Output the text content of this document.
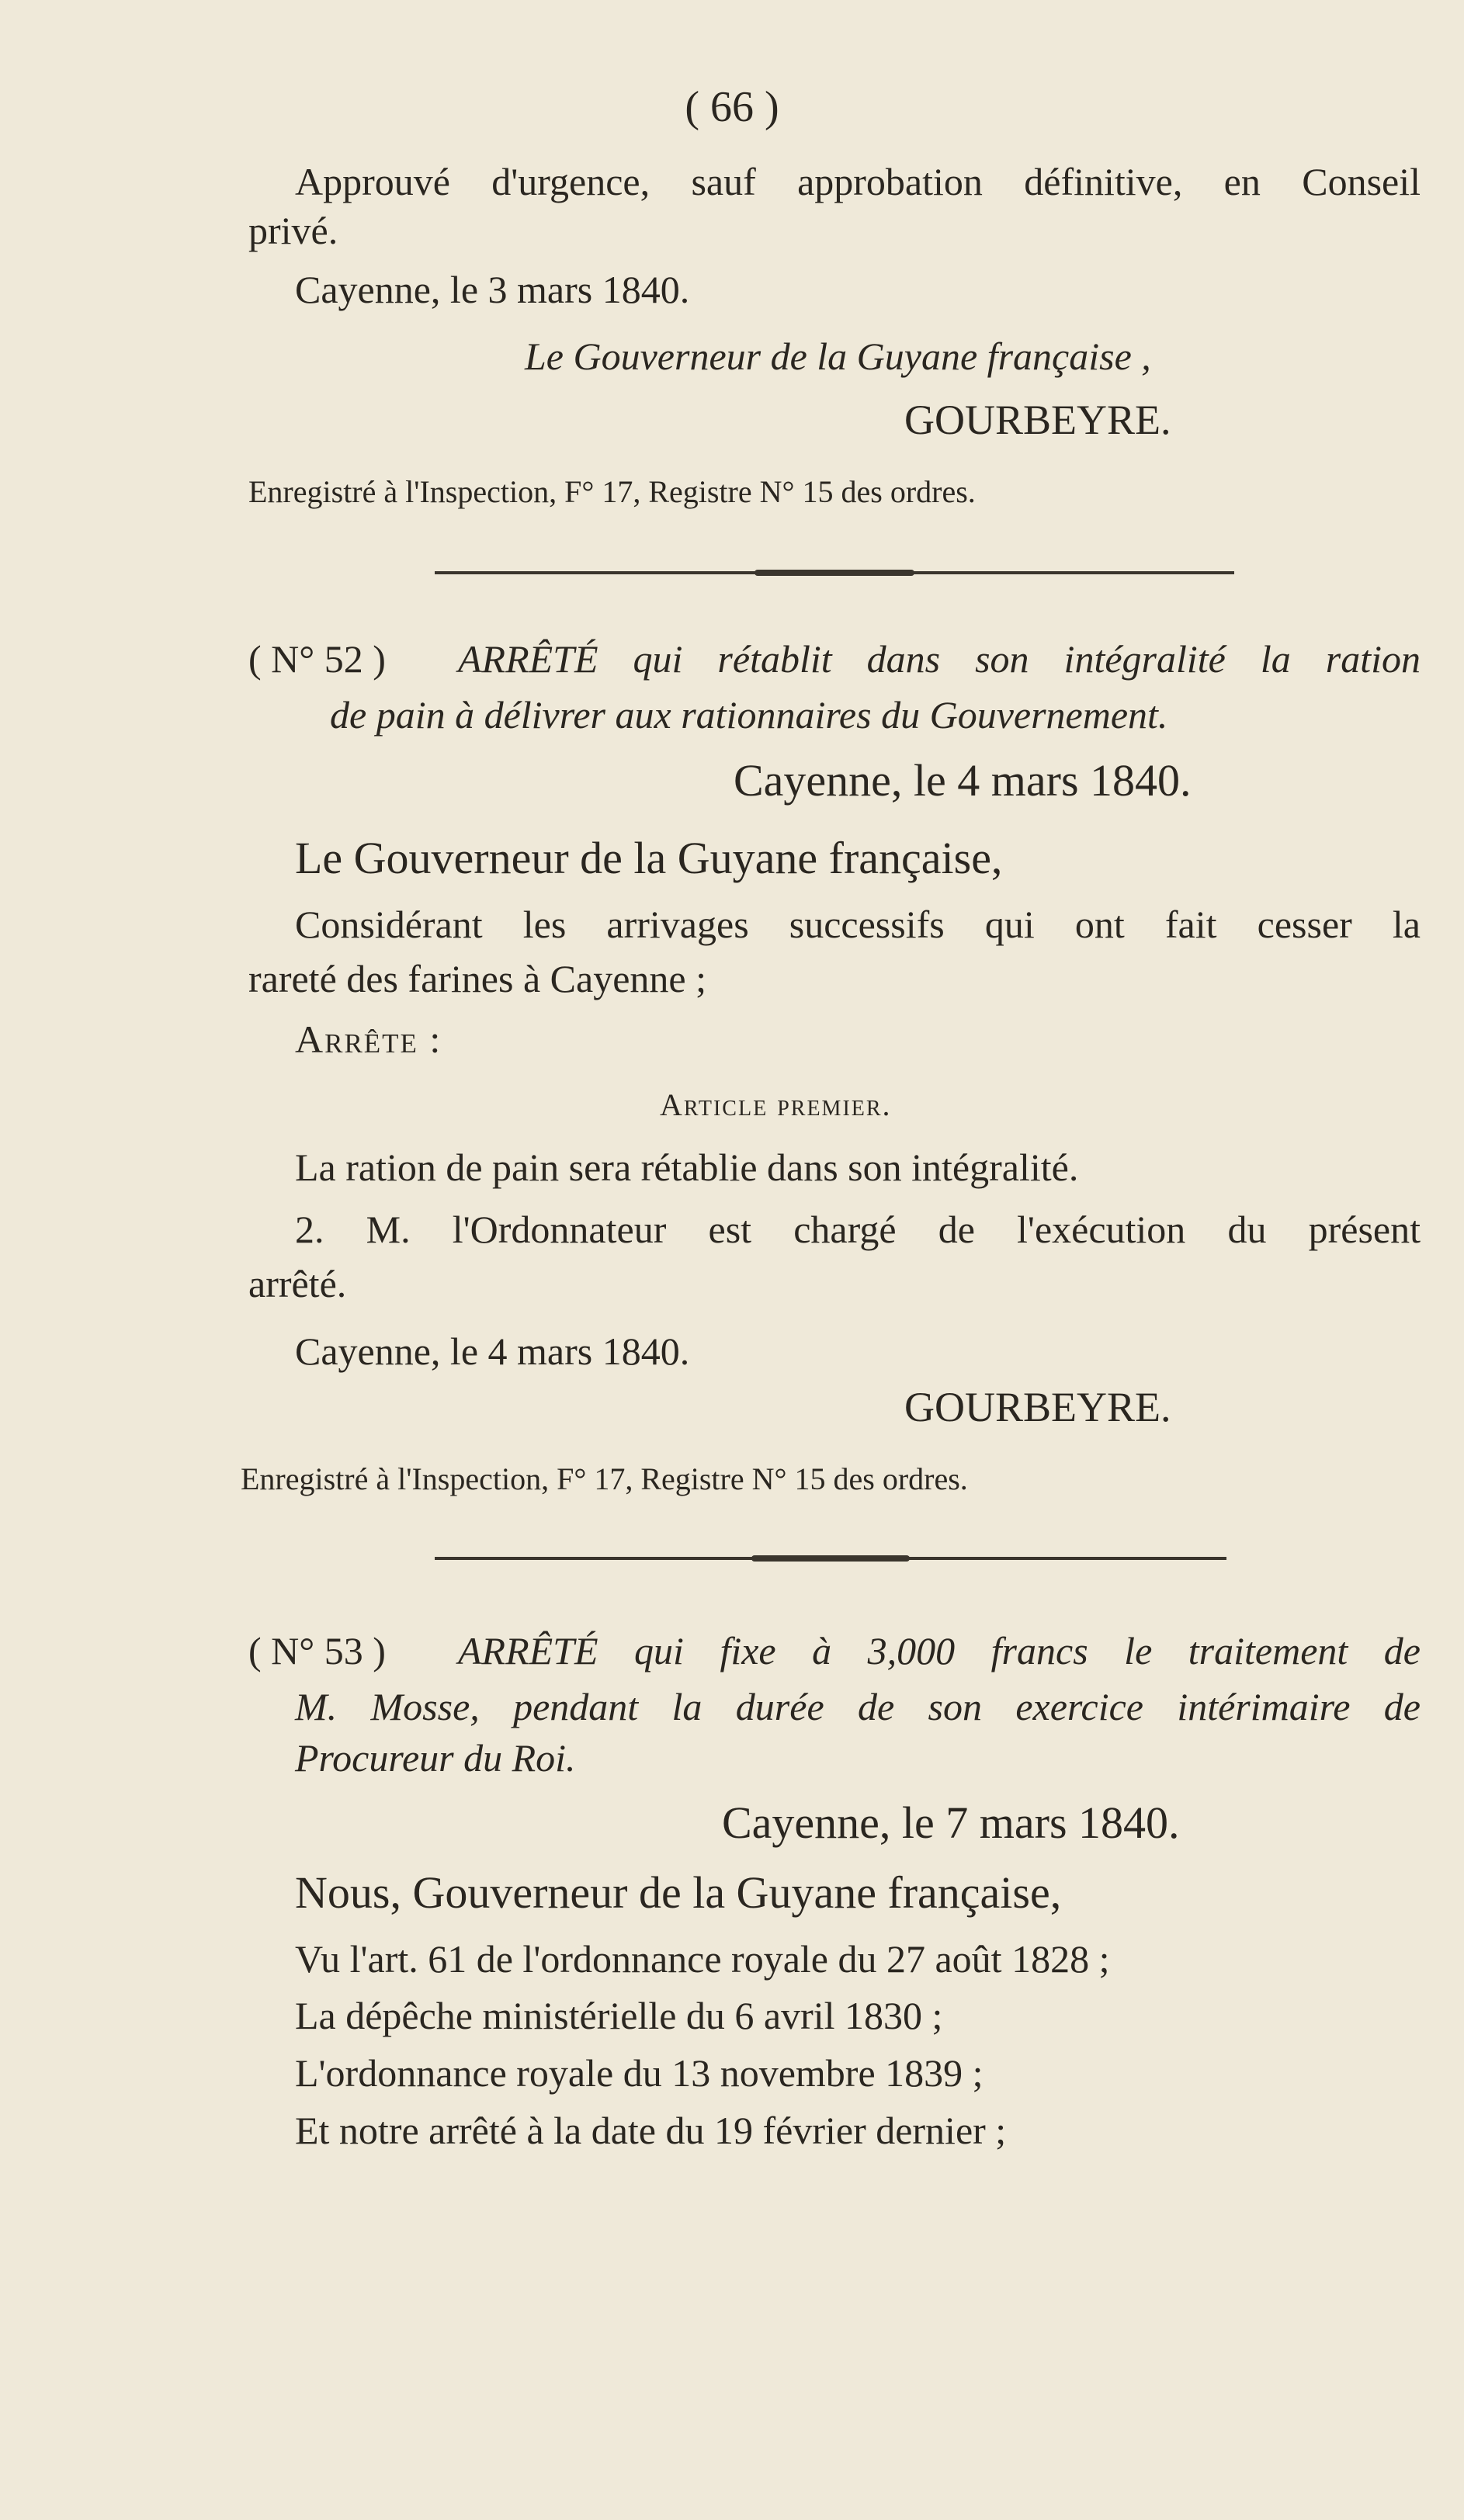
( 66 )
Approuvé d'urgence, sauf approbation définitive, en Conseil
privé.
Cayenne, le 3 mars 1840.
Le Gouverneur de la Guyane française ,
GOURBEYRE.
Enregistré à l'Inspection, F° 17, Registre N° 15 des ordres.
( N° 52 ) ARRÊTÉ qui rétablit dans son intégralité la ration
de pain à délivrer aux rationnaires du Gouvernement.
Cayenne, le 4 mars 1840.
Le Gouverneur de la Guyane française,
Considérant les arrivages successifs qui ont fait cesser la
rareté des farines à Cayenne ;
Arrête :
Article premier.
La ration de pain sera rétablie dans son intégralité.
2. M. l'Ordonnateur est chargé de l'exécution du présent
arrêté.
Cayenne, le 4 mars 1840.
GOURBEYRE.
Enregistré à l'Inspection, F° 17, Registre N° 15 des ordres.
( N° 53 ) ARRÊTÉ qui fixe à 3,000 francs le traitement de
M. Mosse, pendant la durée de son exercice intérimaire de
Procureur du Roi.
Cayenne, le 7 mars 1840.
Nous, Gouverneur de la Guyane française,
Vu l'art. 61 de l'ordonnance royale du 27 août 1828 ;
La dépêche ministérielle du 6 avril 1830 ;
L'ordonnance royale du 13 novembre 1839 ;
Et notre arrêté à la date du 19 février dernier ;
